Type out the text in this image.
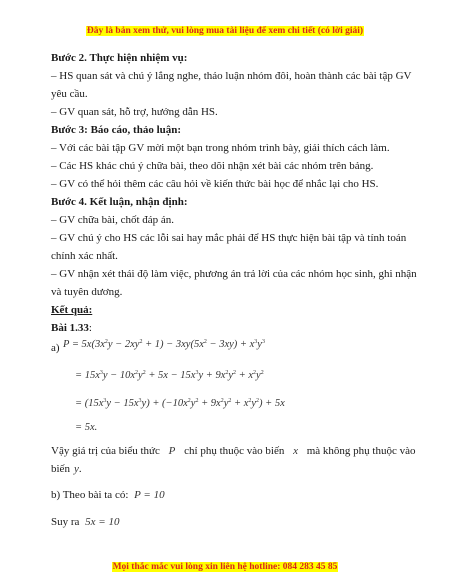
Đây là bản xem thử, vui lòng mua tài liệu để xem chi tiết (có lời giải)
Bước 2. Thực hiện nhiệm vụ:
– HS quan sát và chú ý lắng nghe, thảo luận nhóm đôi, hoàn thành các bài tập GV
yêu cầu.
– GV quan sát, hỗ trợ, hướng dẫn HS.
Bước 3: Báo cáo, thảo luận:
– Với các bài tập GV mời một bạn trong nhóm trình bày, giải thích cách làm.
– Các HS khác chú ý chữa bài, theo dõi nhận xét bài các nhóm trên bảng.
– GV có thể hỏi thêm các câu hỏi về kiến thức bài học để nhắc lại cho HS.
Bước 4. Kết luận, nhận định:
– GV chữa bài, chốt đáp án.
– GV chú ý cho HS các lỗi sai hay mắc phải để HS thực hiện bài tập và tính toán
chính xác nhất.
– GV nhận xét thái độ làm việc, phương án trả lời của các nhóm học sinh, ghi nhận
và tuyên dương.
Kết quả:
Bài 1.33:
a) $P = 5x(3x^2y - 2xy^2 + 1) - 3xy(5x^2 - 3xy) + x^3y^3$
= $15x^3y - 10x^2y^2 + 5x - 15x^3y + 9x^2y^2 + x^2y^2$
= $(15x^3y - 15x^3y) + (-10x^2y^2 + 9x^2y^2 + x^2y^2) + 5x$
= 5x.
Vậy giá trị của biểu thức P chỉ phụ thuộc vào biến x mà không phụ thuộc vào
biến y.
b) Theo bài ta có: P = 10
Suy ra 5x = 10
Mọi thắc mắc vui lòng xin liên hệ hotline: 084 283 45 85
